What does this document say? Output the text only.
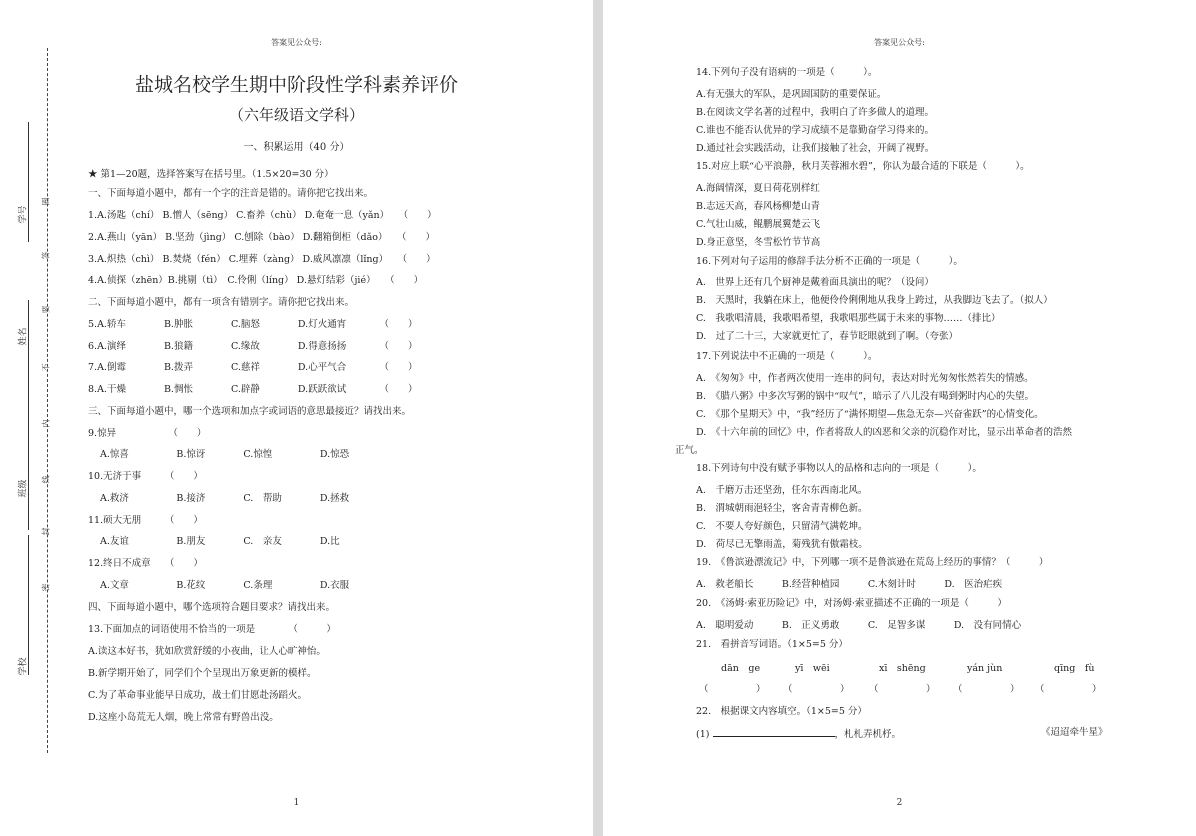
答案见公众号:
学号
姓名
班级
学校
圈
答
要
不
内
线
封
密
盐城名校学生期中阶段性学科素养评价
（六年级语文学科）
一、积累运用（40 分）
★ 第1—20题，选择答案写在括号里。（1.5×20=30 分）
一、下面每道小题中，都有一个字的注音是错的。请你把它找出来。
1.A.汤匙（chí） B.憎人（sēng） C.畜养（chù） D.奄奄一息（yǎn）　　（　　）
2.A.燕山（yān） B.坚劲（jìng） C.刨除（bào） D.翻箱倒柜（dǎo）　　（　　）
3.A.炽热（chì） B.焚烧（fén） C.埋葬（zàng） D.威风凛凛（lǐng）　　（　　）
4.A.侦探（zhēn）B.挑剔（tì）　C.伶俐（líng） D.悬灯结彩（jié）　　（　　）
二、下面每道小题中，都有一项含有错别字。请你把它找出来。
5.A.轿车　　　　B.肿胀　　　　C.脑怒　　　　D.灯火通宵　　　　（　　）
6.A.演绎　　　　B.狼籍　　　　C.缘故　　　　D.得意扬扬　　　　（　　）
7.A.倒霉　　　　B.拨弄　　　　C.慈祥　　　　D.心平气合　　　　（　　）
8.A.干燥　　　　B.惆怅　　　　C.辟静　　　　D.跃跃欲试　　　　（　　）
三、下面每道小题中，哪一个选项和加点字或词语的意思最接近？请找出来。
9.惊异　　　　　　（　　）
A.惊喜　　　　　B.惊讶　　　　C.惊惶　　　　　D.惊恐
10.无济于事　　　（　　）
A.救济　　　　　B.接济　　　　C.　帮助　　　　D.拯救
11.硕大无朋　　　（　　）
A.友谊　　　　　B.朋友　　　　C.　亲友　　　　D.比
12.终日不成章　　（　　）
A.文章　　　　　B.花纹　　　　C.条理　　　　　D.衣服
四、下面每道小题中，哪个选项符合题目要求？请找出来。
13.下面加点的词语使用不恰当的一项是　　　　（　　　）
A.读这本好书，犹如欣赏舒缓的小夜曲，让人心旷神怡。
B.新学期开始了，同学们个个呈现出万象更新的模样。
C.为了革命事业能早日成功，战士们甘愿赴汤蹈火。
D.这座小岛荒无人烟，晚上常常有野兽出没。
1
答案见公众号:
14.下列句子没有语病的一项是（　　　）。
A.有无强大的军队，是巩固国防的重要保证。
B.在阅读文学名著的过程中，我明白了许多做人的道理。
C.谁也不能否认优异的学习成绩不是靠勤奋学习得来的。
D.通过社会实践活动，让我们接触了社会，开阔了视野。
15.对应上联“心平浪静，秋月芙蓉湘水碧”，你认为最合适的下联是（　　　）。
A.海阔情深，夏日荷花别样红
B.志远天高，春风杨柳楚山青
C.气壮山威，鲲鹏展翼楚云飞
D.身正意坚，冬雪松竹节节高
16.下列对句子运用的修辞手法分析不正确的一项是（　　　）。
A.　世界上还有几个厨神是戴着面具演出的呢？（设问）
B.　天黑时，我躺在床上，他便伶伶俐俐地从我身上跨过，从我脚边飞去了。（拟人）
C.　我歌唱清晨，我歌唱希望，我歌唱那些属于未来的事物……（排比）
D.　过了二十三，大家就更忙了，春节眨眼就到了啊。（夸张）
17.下列说法中不正确的一项是（　　　）。
A.　《匆匆》中，作者两次使用一连串的问句，表达对时光匆匆怅然若失的情感。
B.　《腊八粥》中多次写粥的锅中“叹气”，暗示了八儿没有喝到粥时内心的失望。
C.　《那个星期天》中，“我”经历了“满怀期望—焦急无奈—兴奋雀跃”的心情变化。
D.　《十六年前的回忆》中，作者将敌人的凶恶和父亲的沉稳作对比，显示出革命者的浩然
正气。
18.下列诗句中没有赋予事物以人的品格和志向的一项是（　　　）。
A.　千磨万击还坚劲，任尔东西南北风。
B.　渭城朝雨浥轻尘，客舍青青柳色新。
C.　不要人夸好颜色，只留清气满乾坤。
D.　荷尽已无擎雨盖，菊残犹有傲霜枝。
19.　《鲁滨逊漂流记》中，下列哪一项不是鲁滨逊在荒岛上经历的事情？（　　　）
A.　救老船长　　　B.经营种植园　　　C.木刻计时　　　D.　医治疟疾
20.　《汤姆·索亚历险记》中，对汤姆·索亚描述不正确的一项是（　　　）
A.　聪明爱动　　　B.　正义勇敢　　　C.　足智多谋　　　D.　没有同情心
21.　看拼音写词语。（1×5=5 分）
dān　ge	yī　wēi	xī　shēng	yán jùn	qīng　fù
（　　　　　） （　　　　　） （　　　　　） （　　　　　） （　　　　　）
22.　根据课文内容填空。（1×5=5 分）
(1)	，札札弄机杼。	《迢迢牵牛星》
2
